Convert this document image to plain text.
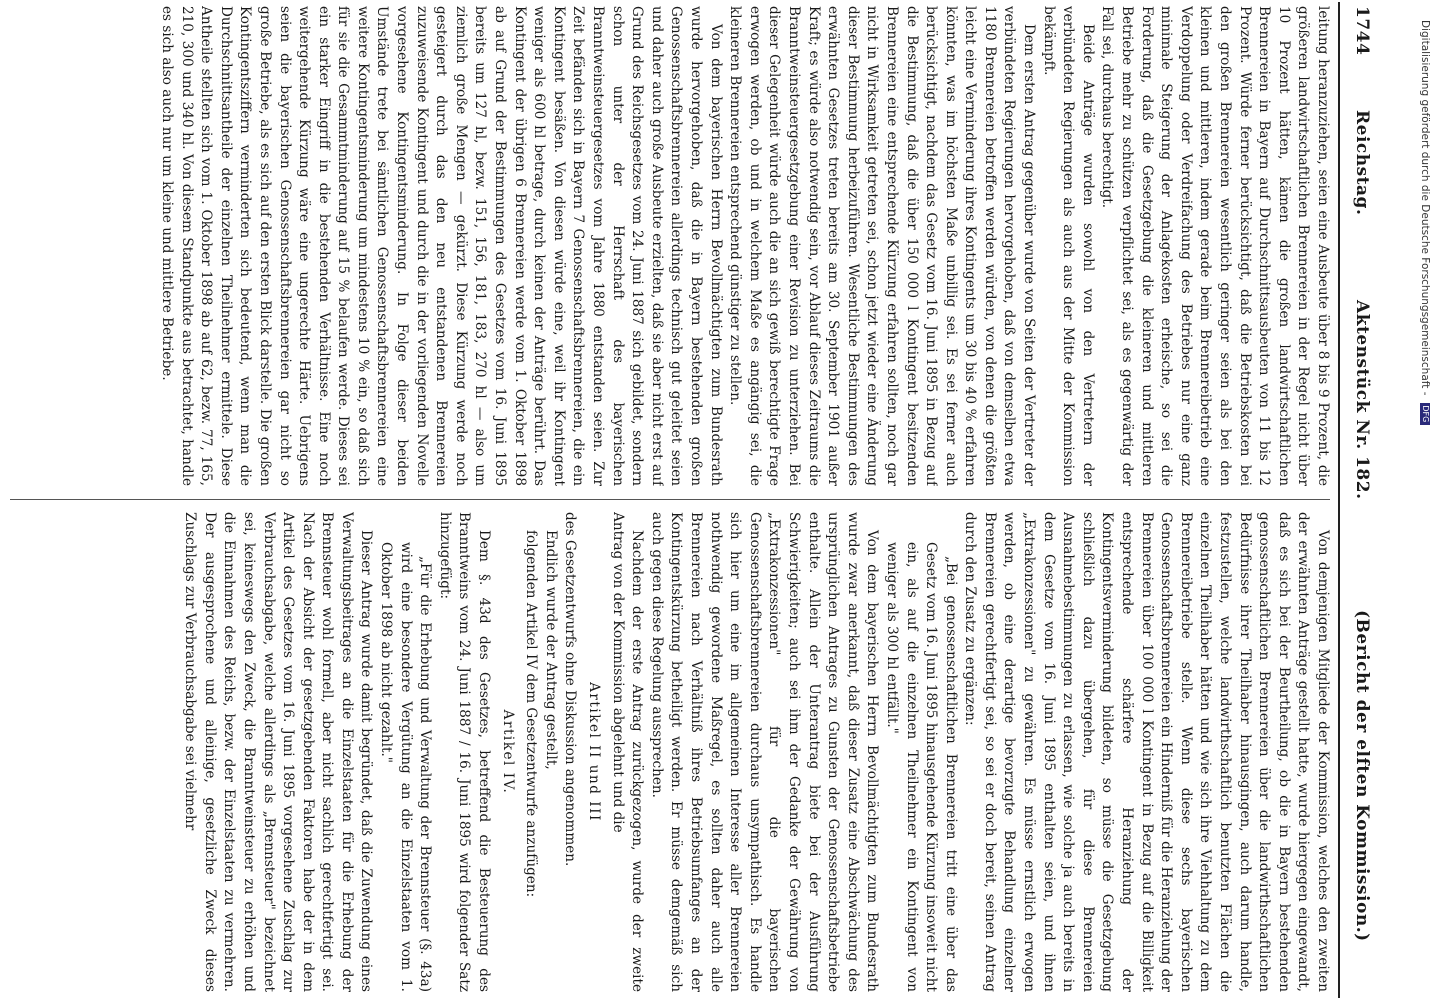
1744
Reichstag.
Aktenstück Nr. 182.
(Bericht der elften Kommission.)

leitung heranzuziehen, seien eine Ausbeute über 8 bis 9 Prozent, die größeren landwirtschaftlichen Brennereien in der Regel nicht über 10 Prozent hätten, kämen die großen landwirtschaftlichen Brennereien in Bayern auf Durchschnittsausbeuten von 11 bis 12 Prozent. Würde ferner berücksichtigt, daß die Betriebskosten bei den großen Brennereien wesentlich geringer seien als bei den kleinen und mittleren, indem gerade beim Brennereibetrieb eine Verdoppelung oder Verdreifachung des Betriebes nur eine ganz minimale Steigerung der Anlagekosten erheische, so sei die Forderung, daß die Gesetzgebung die kleineren und mittleren Betriebe mehr zu schützen verpflichtet sei, als es gegenwärtig der Fall sei, durchaus berechtigt.

Beide Anträge wurden sowohl von den Vertretern der verbündeten Regierungen als auch aus der Mitte der Kommission bekämpft.

Dem ersten Antrag gegenüber wurde von Seiten der Vertreter der verbündeten Regierungen hervorgehoben, daß von demselben etwa 1180 Brennereien betroffen werden würden, von denen die größten leicht eine Verminderung ihres Kontingents um 30 bis 40 % erfahren könnten, was im höchsten Maße unbillig sei. Es sei ferner auch berücksichtigt, nachdem das Gesetz vom 16. Juni 1895 in Bezug auf die Bestimmung, daß die über 150 000 l Kontingent besitzenden Brennereien eine entsprechende Kürzung erfahren sollten, noch gar nicht in Wirksamkeit getreten sei, schon jetzt wieder eine Änderung dieser Bestimmung herbeizuführen. Wesentliche Bestimmungen des erwähnten Gesetzes treten bereits am 30. September 1901 außer Kraft; es würde also notwendig sein, vor Ablauf dieses Zeitraums die Branntweinsteuergesetzgebung einer Revision zu unterziehen. Bei dieser Gelegenheit würde auch die an sich gewiß berechtigte Frage erwogen werden, ob und in welchem Maße es angängig sei, die kleineren Brennereien entsprechend günstiger zu stellen.

Von dem bayerischen Herrn Bevollmächtigten zum Bundesrath wurde hervorgehoben, daß die in Bayern bestehenden großen Genossenschaftsbrennereien allerdings technisch gut geleitet seien und daher auch große Ausbeute erzielten, daß sie aber nicht erst auf Grund des Reichsgesetzes vom 24. Juni 1887 sich gebildet, sondern schon unter der Herrschaft des bayerischen Branntweinsteuergesetzes vom Jahre 1880 entstanden seien. Zur Zeit befänden sich in Bayern 7 Genossenschaftsbrennereien, die ein Kontingent besäßen. Von diesen würde eine, weil ihr Kontingent weniger als 600 hl betrage, durch keinen der Anträge berührt. Das Kontingent der übrigen 6 Brennereien werde vom 1. Oktober 1898 ab auf Grund der Bestimmungen des Gesetzes vom 16. Juni 1895 bereits um 127 hl, bezw. 151, 156, 181, 183, 270 hl — also um ziemlich große Mengen — gekürzt. Diese Kürzung werde noch gesteigert durch das den neu entstandenen Brennereien zuzuweisende Kontingent und durch die in der vorliegenden Novelle vorgesehene Kontingentsminderung. In Folge dieser beiden Umstände trete bei sämtlichen Genossenschaftsbrennereien eine weitere Kontingentsminderung um mindestens 10 % ein, so daß sich für sie die Gesammtminderung auf 15 % belaufen werde. Dieses sei ein starker Eingriff in die bestehenden Verhältnisse. Eine noch weitergehende Kürzung wäre eine ungerechte Härte. Uebrigens seien die bayerischen Genossenschaftsbrennereien gar nicht so große Betriebe, als es sich auf den ersten Blick darstelle. Die großen Kontingentsziffern verminderten sich bedeutend, wenn man die Durchschnittsantheile der einzelnen Theilnehmer ermittele. Diese Antheile stellten sich vom 1. Oktober 1898 ab auf 62, bezw. 77, 165, 210, 300 und 340 hl. Von diesem Standpunkte aus betrachtet, handle es sich also auch nur um kleine und mittlere Betriebe.

Von demjenigen Mitgliede der Kommission, welches den zweiten der erwähnten Anträge gestellt hatte, wurde hiergegen eingewandt, daß es sich bei der Beurtheilung, ob die in Bayern bestehenden genossenschaftlichen Brennereien über die landwirthschaftlichen Bedürfnisse ihrer Theilhaber hinausgingen, auch darum handle, festzustellen, welche landwirthschaftlich benutzten Flächen die einzelnen Theilhaber hätten und wie sich ihre Viehhaltung zu dem Brennereibetriebe stelle. Wenn diese sechs bayerischen Genossenschaftsbrennereien ein Hinderniß für die Heranziehung der Brennereien über 100 000 l Kontingent in Bezug auf die Billigkeit entsprechende schärfere Heranziehung der Kontingentsverminderung bildeten, so müsse die Gesetzgebung schließlich dazu übergehen, für diese Brennereien Ausnahmebestimmungen zu erlassen, wie solche ja auch bereits in dem Gesetze vom 16. Juni 1895 enthalten seien, und ihnen „Extrakonzessionen" zu gewähren. Es müsse ernstlich erwogen werden, ob eine derartige bevorzugte Behandlung einzelner Brennereien gerechtfertigt sei, so sei er doch bereit, seinen Antrag durch den Zusatz zu ergänzen:

„Bei genossenschaftlichen Brennereien tritt eine über das Gesetz vom 16. Juni 1895 hinausgehende Kürzung insoweit nicht ein, als auf die einzelnen Theilnehmer ein Kontingent von weniger als 300 hl entfällt."

Von dem bayerischen Herrn Bevollmächtigten zum Bundesrath wurde zwar anerkannt, daß dieser Zusatz eine Abschwächung des ursprünglichen Antrages zu Gunsten der Genossenschaftsbetriebe enthalte. Allein der Unterantrag biete bei der Ausführung Schwierigkeiten; auch sei ihm der Gedanke der Gewährung von „Extrakonzessionen" für die bayerischen Genossenschaftsbrennereien durchaus unsympathisch. Es handle sich hier um eine im allgemeinen Interesse aller Brennereien nothwendig gewordene Maßregel, es sollten daher auch alle Brennereien nach Verhältniß ihres Betriebsumfanges an der Kontingentskürzung betheiligt werden. Er müsse demgemäß sich auch gegen diese Regelung aussprechen.

Nachdem der erste Antrag zurückgezogen, wurde der zweite Antrag von der Kommission abgelehnt und die

Artikel II und III

des Gesetzentwurfs ohne Diskussion angenommen.

Endlich wurde der Antrag gestellt,

folgenden Artikel IV dem Gesetzentwurfe anzufügen:

Artikel IV.

Dem §. 43d des Gesetzes, betreffend die Besteuerung des Branntweins vom 24. Juni 1887 / 16. Juni 1895 wird folgender Satz hinzugefügt:

„Für die Erhebung und Verwaltung der Brennsteuer (§. 43a) wird eine besondere Vergütung an die Einzelstaaten vom 1. Oktober 1898 ab nicht gezahlt."

Dieser Antrag wurde damit begründet, daß die Zuwendung eines Verwaltungsbeitrages an die Einzelstaaten für die Erhebung der Brennsteuer wohl formell, aber nicht sachlich gerechtfertigt sei. Nach der Absicht der gesetzgebenden Faktoren habe der in dem Artikel des Gesetzes vom 16. Juni 1895 vorgesehene Zuschlag zur Verbrauchsabgabe, welche allerdings als „Brennsteuer" bezeichnet sei, keineswegs den Zweck, die Branntweinsteuer zu erhöhen und die Einnahmen des Reichs, bezw. der Einzelstaaten zu vermehren. Der ausgesprochene und alleinige, gesetzliche Zweck dieses Zuschlags zur Verbrauchsabgabe sei vielmehr

Digitalisierung gefördert durch die Deutsche Forschungsgemeinschaft - DFG
